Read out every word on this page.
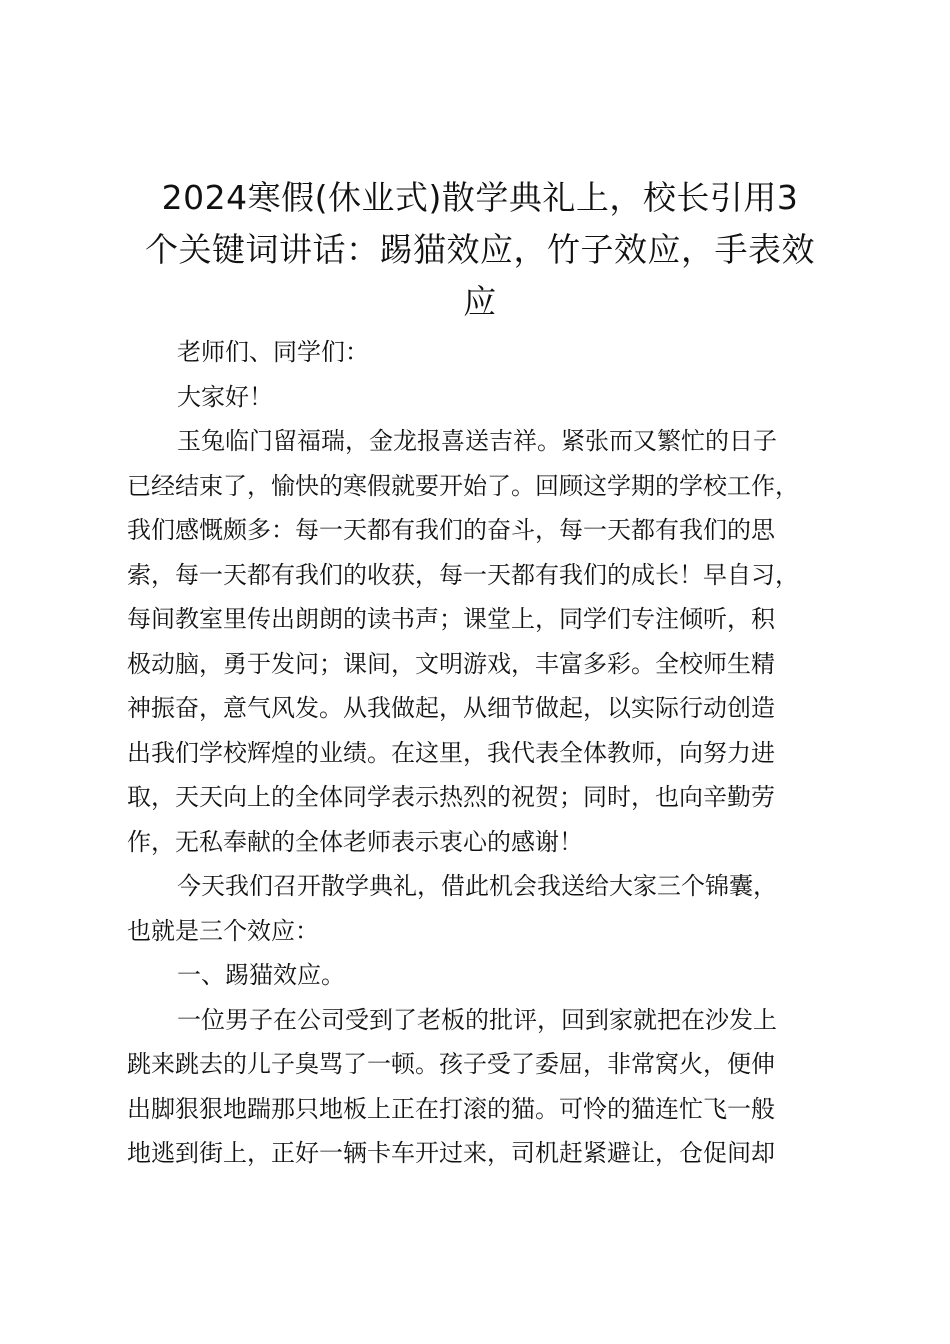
2024寒假(休业式)散学典礼上，校长引用3
个关键词讲话：踢猫效应，竹子效应，手表效
应
老师们、同学们：
大家好！
玉兔临门留福瑞，金龙报喜送吉祥。紧张而又繁忙的日子
已经结束了，愉快的寒假就要开始了。回顾这学期的学校工作，
我们感慨颇多：每一天都有我们的奋斗，每一天都有我们的思
索，每一天都有我们的收获，每一天都有我们的成长！早自习，
每间教室里传出朗朗的读书声；课堂上，同学们专注倾听，积
极动脑，勇于发问；课间，文明游戏，丰富多彩。全校师生精
神振奋，意气风发。从我做起，从细节做起，以实际行动创造
出我们学校辉煌的业绩。在这里，我代表全体教师，向努力进
取，天天向上的全体同学表示热烈的祝贺；同时，也向辛勤劳
作，无私奉献的全体老师表示衷心的感谢！
今天我们召开散学典礼，借此机会我送给大家三个锦囊，
也就是三个效应：
一、踢猫效应。
一位男子在公司受到了老板的批评，回到家就把在沙发上
跳来跳去的儿子臭骂了一顿。孩子受了委屈，非常窝火，便伸
出脚狠狠地踹那只地板上正在打滚的猫。可怜的猫连忙飞一般
地逃到街上，正好一辆卡车开过来，司机赶紧避让，仓促间却
